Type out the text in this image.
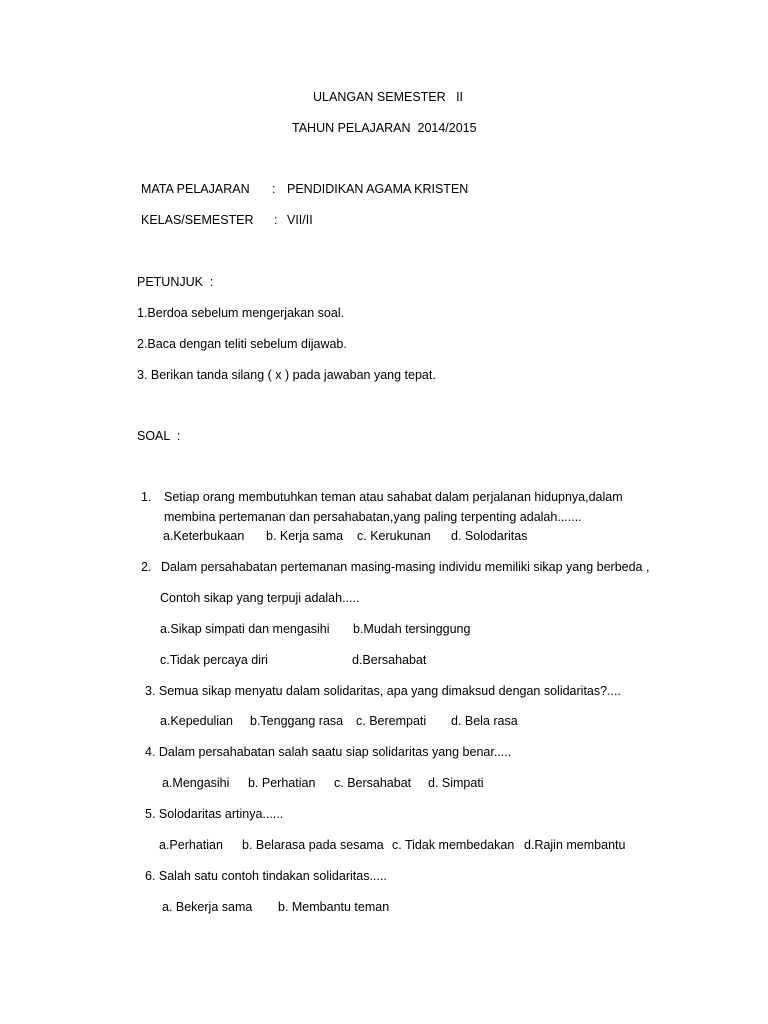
ULANGAN SEMESTER   II
TAHUN PELAJARAN  2014/2015
MATA PELAJARAN : PENDIDIKAN AGAMA KRISTEN
KELAS/SEMESTER : VII/II
PETUNJUK  :
1.Berdoa sebelum mengerjakan soal.
2.Baca dengan teliti sebelum dijawab.
3. Berikan tanda silang ( x ) pada jawaban yang tepat.
SOAL  :
1. Setiap orang membutuhkan teman atau sahabat dalam perjalanan hidupnya,dalam
membina pertemanan dan persahabatan,yang paling terpenting adalah.......
a.Keterbukaan b. Kerja sama c. Kerukunan d. Solodaritas
2. Dalam persahabatan pertemanan masing-masing individu memiliki sikap yang berbeda ,
Contoh sikap yang terpuji adalah.....
a.Sikap simpati dan mengasihi b.Mudah tersinggung
c.Tidak percaya diri	d.Bersahabat
3. Semua sikap menyatu dalam solidaritas, apa yang dimaksud dengan solidaritas?....
a.Kepedulian b.Tenggang rasa c. Berempati d. Bela rasa
4. Dalam persahabatan salah saatu siap solidaritas yang benar.....
a.Mengasihi b. Perhatian c. Bersahabat d. Simpati
5. Solodaritas artinya......
a.Perhatian b. Belarasa pada sesama c. Tidak membedakan d.Rajin membantu
6. Salah satu contoh tindakan solidaritas.....
a. Bekerja sama b. Membantu teman
